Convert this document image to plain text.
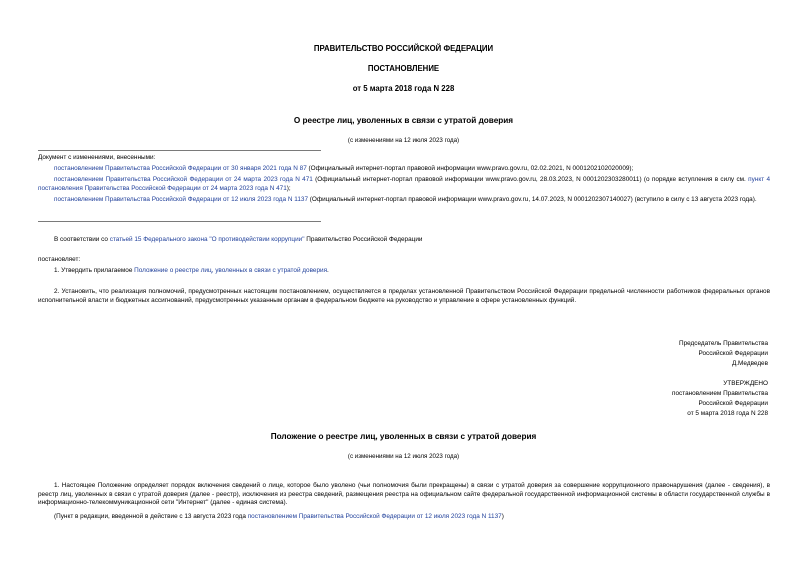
ПРАВИТЕЛЬСТВО РОССИЙСКОЙ ФЕДЕРАЦИИ
ПОСТАНОВЛЕНИЕ
от 5 марта 2018 года N 228
О реестре лиц, уволенных в связи с утратой доверия
(с изменениями на 12 июля 2023 года)
Документ с изменениями, внесенными:
постановлением Правительства Российской Федерации от 30 января 2021 года N 87 (Официальный интернет-портал правовой информации www.pravo.gov.ru, 02.02.2021, N 0001202102020009);
постановлением Правительства Российской Федерации от 24 марта 2023 года N 471 (Официальный интернет-портал правовой информации www.pravo.gov.ru, 28.03.2023, N 0001202303280011) (о порядке вступления в силу см. пункт 4 постановления Правительства Российской Федерации от 24 марта 2023 года N 471);
постановлением Правительства Российской Федерации от 12 июля 2023 года N 1137 (Официальный интернет-портал правовой информации www.pravo.gov.ru, 14.07.2023, N 0001202307140027) (вступило в силу с 13 августа 2023 года).
В соответствии со статьей 15 Федерального закона "О противодействии коррупции" Правительство Российской Федерации
постановляет:
1. Утвердить прилагаемое Положение о реестре лиц, уволенных в связи с утратой доверия.
2. Установить, что реализация полномочий, предусмотренных настоящим постановлением, осуществляется в пределах установленной Правительством Российской Федерации предельной численности работников федеральных органов исполнительной власти и бюджетных ассигнований, предусмотренных указанным органам в федеральном бюджете на руководство и управление в сфере установленных функций.
Председатель Правительства
Российской Федерации
Д.Медведев
УТВЕРЖДЕНО
постановлением Правительства
Российской Федерации
от 5 марта 2018 года N 228
Положение о реестре лиц, уволенных в связи с утратой доверия
(с изменениями на 12 июля 2023 года)
1. Настоящее Положение определяет порядок включения сведений о лице, которое было уволено (чьи полномочия были прекращены) в связи с утратой доверия за совершение коррупционного правонарушения (далее - сведения), в реестр лиц, уволенных в связи с утратой доверия (далее - реестр), исключения из реестра сведений, размещения реестра на официальном сайте федеральной государственной информационной системы в области государственной службы в информационно-телекоммуникационной сети "Интернет" (далее - единая система).
(Пункт в редакции, введенной в действие с 13 августа 2023 года постановлением Правительства Российской Федерации от 12 июля 2023 года N 1137)
